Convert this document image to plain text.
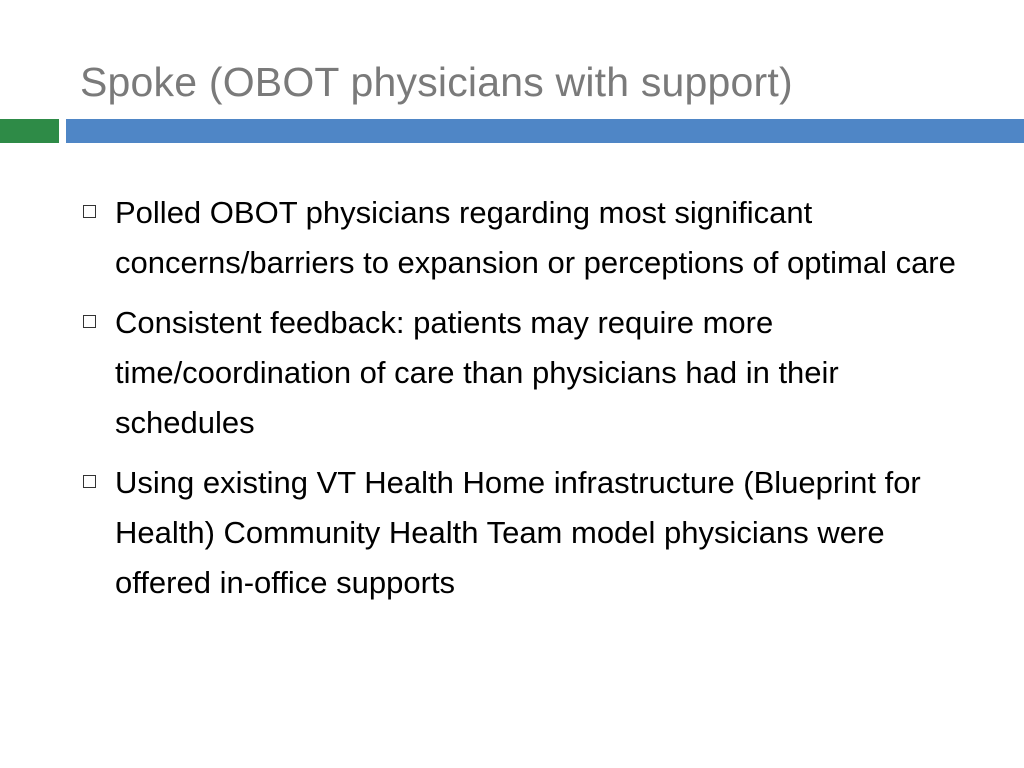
Spoke (OBOT physicians with support)
Polled OBOT physicians regarding most significant concerns/barriers to expansion or perceptions of optimal care
Consistent feedback: patients may require more time/coordination of care than physicians had in their schedules
Using existing VT Health Home infrastructure (Blueprint for Health) Community Health Team model physicians were offered in-office supports
